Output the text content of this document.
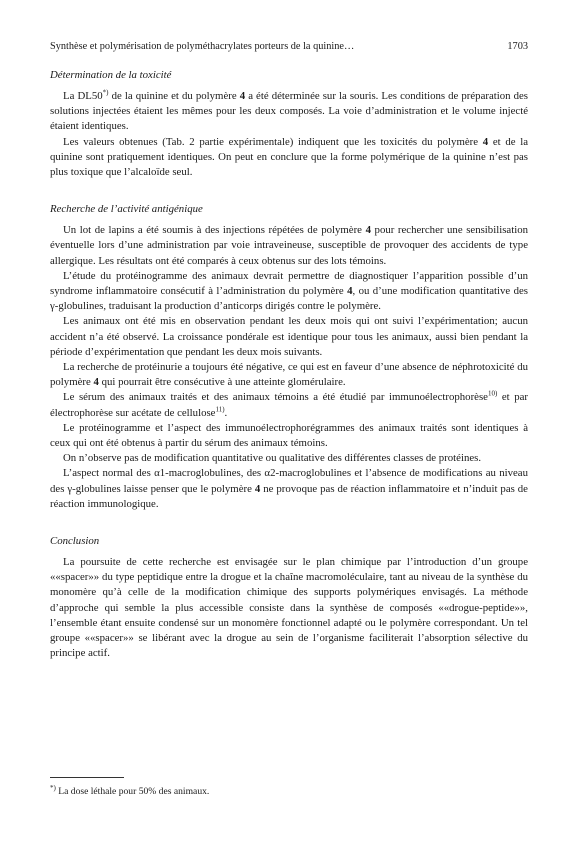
Synthèse et polymérisation de polyméthacrylates porteurs de la quinine…	1703
Détermination de la toxicité

La DL50*) de la quinine et du polymère 4 a été déterminée sur la souris. Les conditions de préparation des solutions injectées étaient les mêmes pour les deux composés. La voie d’administration et le volume injecté étaient identiques.

Les valeurs obtenues (Tab. 2 partie expérimentale) indiquent que les toxicités du polymère 4 et de la quinine sont pratiquement identiques. On peut en conclure que la forme polymérique de la quinine n’est pas plus toxique que l’alcaloïde seul.

Recherche de l’activité antigénique

Un lot de lapins a été soumis à des injections répétées de polymère 4 pour rechercher une sensibilisation éventuelle lors d’une administration par voie intraveineuse, susceptible de provoquer des accidents de type allergique. Les résultats ont été comparés à ceux obtenus sur des lots témoins.

L’étude du protéinogramme des animaux devrait permettre de diagnostiquer l’apparition possible d’un syndrome inflammatoire consécutif à l’administration du polymère 4, ou d’une modification quantitative des γ-globulines, traduisant la production d’anticorps dirigés contre le polymère.

Les animaux ont été mis en observation pendant les deux mois qui ont suivi l’expérimentation; aucun accident n’a été observé. La croissance pondérale est identique pour tous les animaux, aussi bien pendant la période d’expérimentation que pendant les deux mois suivants.

La recherche de protéinurie a toujours été négative, ce qui est en faveur d’une absence de néphrotoxicité du polymère 4 qui pourrait être consécutive à une atteinte glomérulaire.

Le sérum des animaux traités et des animaux témoins a été étudié par immunoélectrophorèse$^{10)}$ et par électrophorèse sur acétate de cellulose$^{11)}$.

Le protéinogramme et l’aspect des immunoélectrophorégrammes des animaux traités sont identiques à ceux qui ont été obtenus à partir du sérum des animaux témoins.

On n’observe pas de modification quantitative ou qualitative des différentes classes de protéines.

L’aspect normal des α1-macroglobulines, des α2-macroglobulines et l’absence de modifications au niveau des γ-globulines laisse penser que le polymère 4 ne provoque pas de réaction inflammatoire et n’induit pas de réaction immunologique.

Conclusion

La poursuite de cette recherche est envisagée sur le plan chimique par l’introduction d’un groupe ««spacer»» du type peptidique entre la drogue et la chaîne macromoléculaire, tant au niveau de la synthèse du monomère qu’à celle de la modification chimique des supports polymériques envisagés. La méthode d’approche qui semble la plus accessible consiste dans la synthèse de composés ««drogue-peptide»», l’ensemble étant ensuite condensé sur un monomère fonctionnel adapté ou le polymère correspondant. Un tel groupe ««spacer»» se libérant avec la drogue au sein de l’organisme faciliterait l’absorption sélective du principe actif.

*) La dose léthale pour 50% des animaux.
